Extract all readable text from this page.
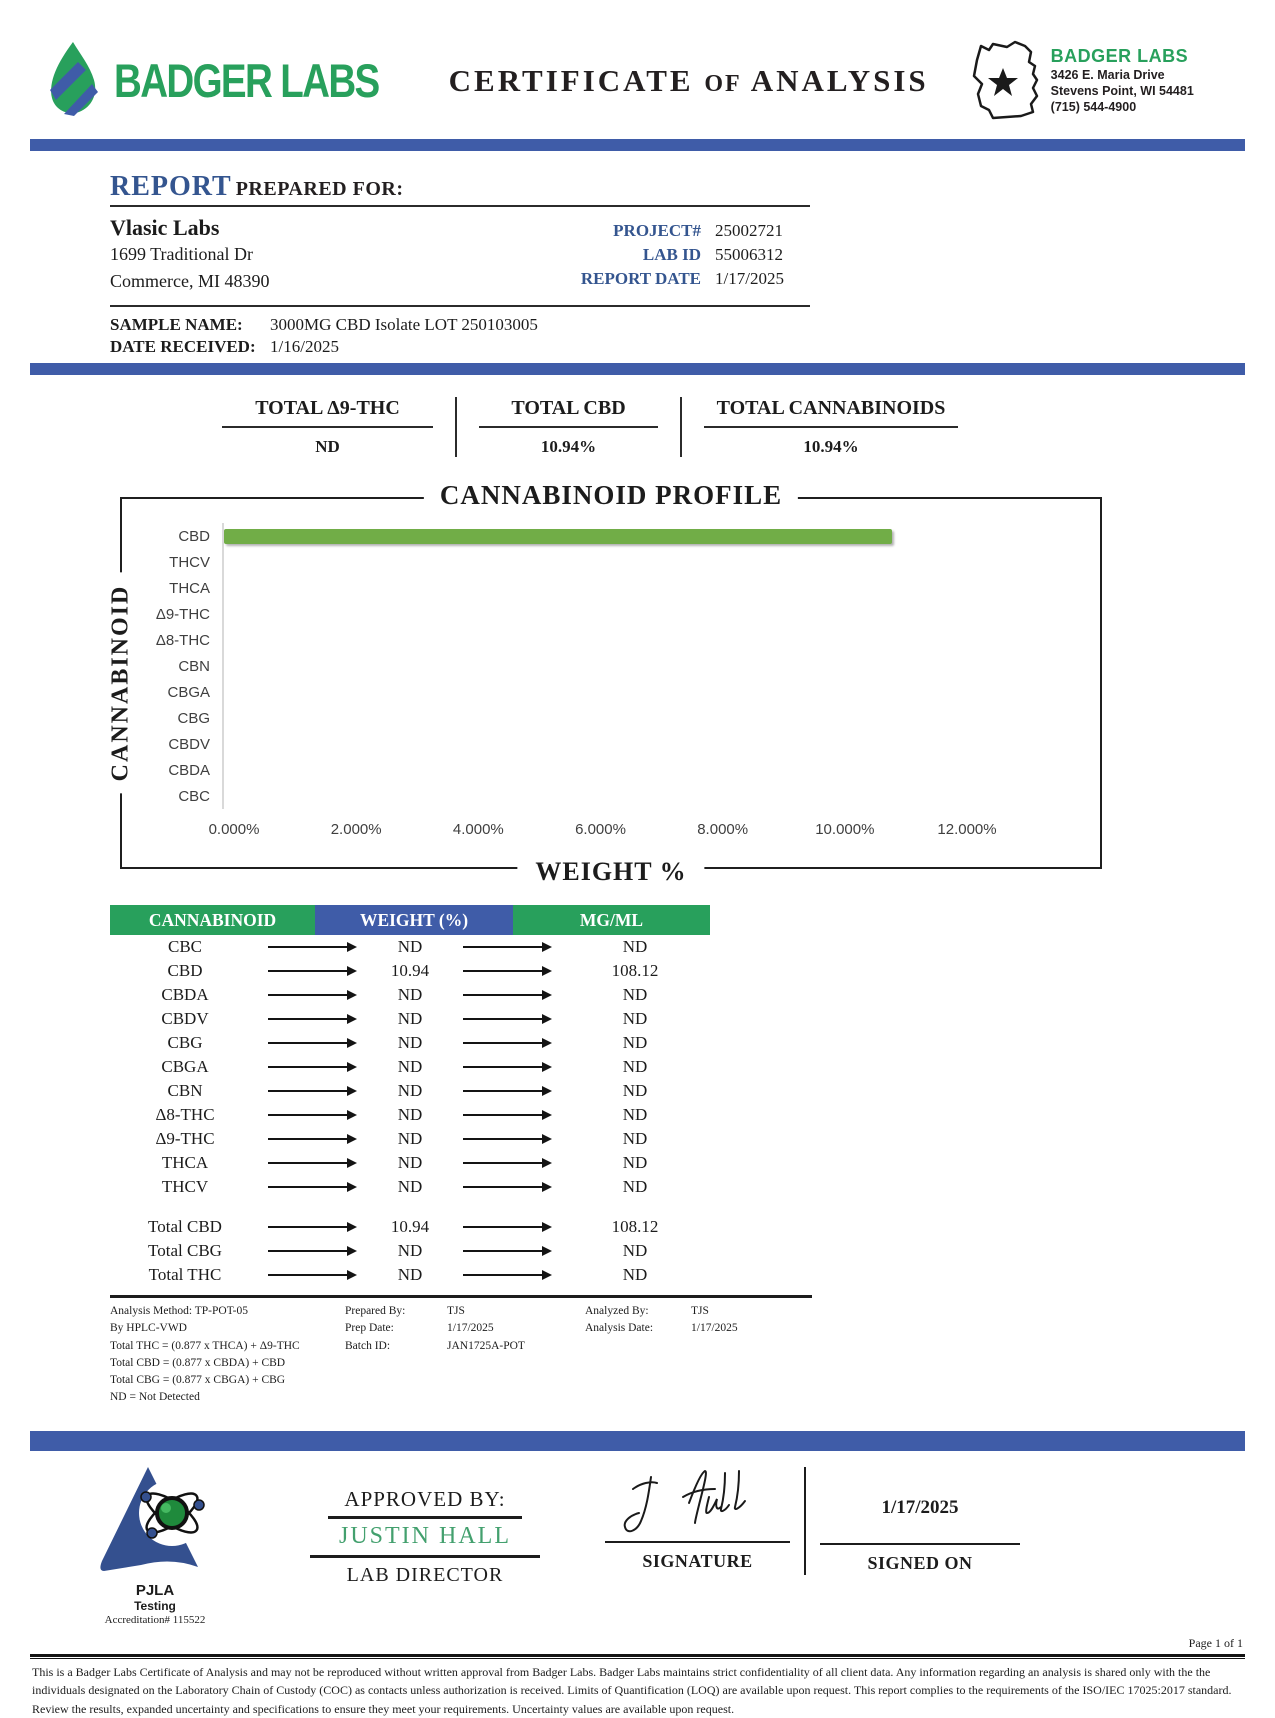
BADGER LABS CERTIFICATE OF ANALYSIS
BADGER LABS
3426 E. Maria Drive
Stevens Point, WI 54481
(715) 544-4900
REPORT PREPARED FOR:
Vlasic Labs
1699 Traditional Dr
Commerce, MI 48390
PROJECT# 25002721
LAB ID 55006312
REPORT DATE 1/17/2025
SAMPLE NAME:	3000MG CBD Isolate LOT 250103005
DATE RECEIVED: 1/16/2025
TOTAL Δ9-THC
ND
TOTAL CBD
10.94%
TOTAL CANNABINOIDS
10.94%
CANNABINOID PROFILE
CANNABINOID
WEIGHT %
CBD
THCV
THCA
Δ9-THC
Δ8-THC
CBN
CBGA
CBG
CBDV
CBDA
CBC
0.000%	2.000%	4.000%	6.000%	8.000%	10.000%	12.000%
CANNABINOID	WEIGHT (%)	MG/ML
CBC	ND	ND
CBD	10.94	108.12
CBDA	ND	ND
CBDV	ND	ND
CBG	ND	ND
CBGA	ND	ND
CBN	ND	ND
Δ8-THC	ND	ND
Δ9-THC	ND	ND
THCA	ND	ND
THCV	ND	ND
Total CBD	10.94	108.12
Total CBG	ND	ND
Total THC	ND	ND
Analysis Method: TP-POT-05
By HPLC-VWD
Total THC = (0.877 x THCA) + Δ9-THC
Total CBD = (0.877 x CBDA) + CBD
Total CBG = (0.877 x CBGA) + CBG
ND = Not Detected
Prepared By:	TJS
Prep Date:	1/17/2025
Batch ID:	JAN1725A-POT
Analyzed By:	TJS
Analysis Date:	1/17/2025
PJLA
Testing
Accreditation# 115522
APPROVED BY:
JUSTIN HALL
LAB DIRECTOR
SIGNATURE
1/17/2025
SIGNED ON
Page 1 of 1

This is a Badger Labs Certificate of Analysis and may not be reproduced without written approval from Badger Labs. Badger Labs maintains strict confidentiality of all client data. Any information regarding an analysis is shared only with the the individuals designated on the Laboratory Chain of Custody (COC) as contacts unless authorization is received. Limits of Quantification (LOQ) are available upon request. This report complies to the requirements of the ISO/IEC 17025:2017 standard. Review the results, expanded uncertainty and specifications to ensure they meet your requirements. Uncertainty values are available upon request.
